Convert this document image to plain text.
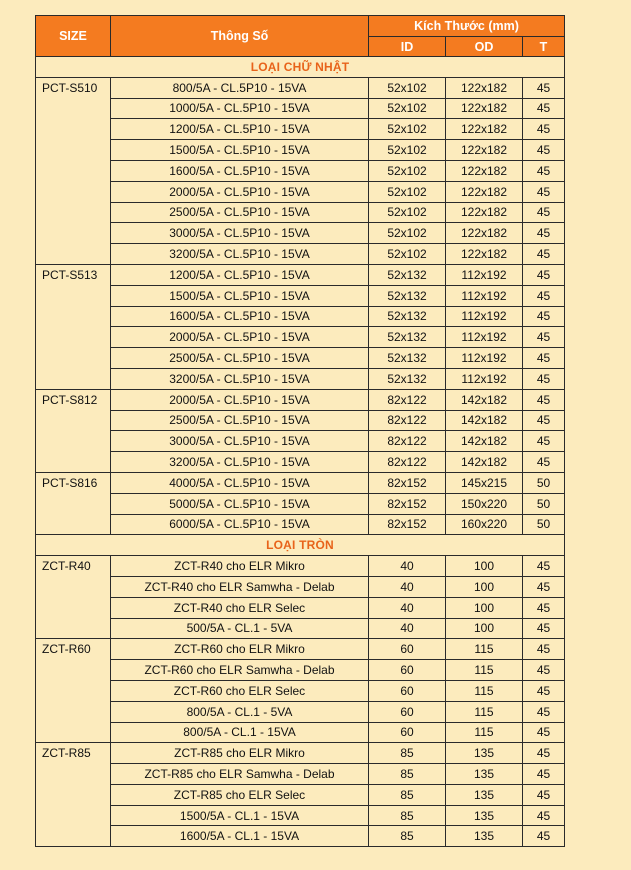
SIZE	Thông Số	Kích Thước (mm)		
		ID	OD	T
LOẠI CHỮ NHẬT				
PCT-S510	800/5A - CL.5P10 - 15VA	52x102	122x182	45
	1000/5A - CL.5P10 - 15VA	52x102	122x182	45
	1200/5A - CL.5P10 - 15VA	52x102	122x182	45
	1500/5A - CL.5P10 - 15VA	52x102	122x182	45
	1600/5A - CL.5P10 - 15VA	52x102	122x182	45
	2000/5A - CL.5P10 - 15VA	52x102	122x182	45
	2500/5A - CL.5P10 - 15VA	52x102	122x182	45
	3000/5A - CL.5P10 - 15VA	52x102	122x182	45
	3200/5A - CL.5P10 - 15VA	52x102	122x182	45
PCT-S513	1200/5A - CL.5P10 - 15VA	52x132	112x192	45
	1500/5A - CL.5P10 - 15VA	52x132	112x192	45
	1600/5A - CL.5P10 - 15VA	52x132	112x192	45
	2000/5A - CL.5P10 - 15VA	52x132	112x192	45
	2500/5A - CL.5P10 - 15VA	52x132	112x192	45
	3200/5A - CL.5P10 - 15VA	52x132	112x192	45
PCT-S812	2000/5A - CL.5P10 - 15VA	82x122	142x182	45
	2500/5A - CL.5P10 - 15VA	82x122	142x182	45
	3000/5A - CL.5P10 - 15VA	82x122	142x182	45
	3200/5A - CL.5P10 - 15VA	82x122	142x182	45
PCT-S816	4000/5A - CL.5P10 - 15VA	82x152	145x215	50
	5000/5A - CL.5P10 - 15VA	82x152	150x220	50
	6000/5A - CL.5P10 - 15VA	82x152	160x220	50
LOẠI TRÒN				
ZCT-R40	ZCT-R40 cho ELR Mikro	40	100	45
	ZCT-R40 cho ELR Samwha - Delab	40	100	45
	ZCT-R40 cho ELR Selec	40	100	45
	500/5A - CL.1 - 5VA	40	100	45
ZCT-R60	ZCT-R60 cho ELR Mikro	60	115	45
	ZCT-R60 cho ELR Samwha - Delab	60	115	45
	ZCT-R60 cho ELR Selec	60	115	45
	800/5A - CL.1 - 5VA	60	115	45
	800/5A - CL.1 - 15VA	60	115	45
ZCT-R85	ZCT-R85 cho ELR Mikro	85	135	45
	ZCT-R85 cho ELR Samwha - Delab	85	135	45
	ZCT-R85 cho ELR Selec	85	135	45
	1500/5A - CL.1 - 15VA	85	135	45
	1600/5A - CL.1 - 15VA	85	135	45
